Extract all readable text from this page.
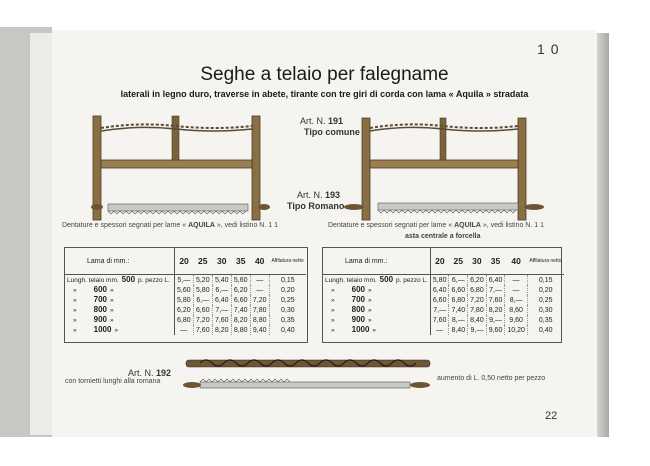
10
Seghe a telaio per falegname
laterali in legno duro, traverse in abete, tirante con tre giri di corda con lama « Aquila » stradata
Art. N. 191
Tipo comune
Art. N. 193
Tipo Romano
Dentature e spessori segnati per lame « AQUILA », vedi listino N. 1 1	Dentature e spessori segnati per lame « AQUILA », vedi listino N. 1 1
asta centrale a forcella
Lama di mm.:	20	25	30	35	40	Affilatura netto
Lungh. telaio mm. 500 p. pezzo L.	5,—	5,20	5,40	5,60	—	0,15
» 600 »	5,60	5,80	6,—	6,20	—	0,20
» 700 »	5,80	6,—	6,40	6,60	7,20	0,25
» 800 »	6,20	6,60	7,—	7,40	7,80	0,30
» 900 »	6,80	7,20	7,60	8,20	8,80	0,35
» 1000 »	—	7,60	8,20	8,80	9,40	0,40
Lama di mm.:	20	25	30	35	40	Affilatura netto
Lungh. telaio mm. 500 p. pezzo L.	5,80	6,—	6,20	6,40	—	0,15
» 600 »	6,40	6,60	6,80	7,—	—	0,20
» 700 »	6,60	6,80	7,20	7,60	8,—	0,25
» 800 »	7,—	7,40	7,80	8,20	8,60	0,30
» 900 »	7,60	8,—	8,40	9,—	9,60	0,35
» 1000 »	—	8,40	9,—	9,60	10,20	0,40
Art. N. 192
con tornietti lunghi alla romana	aumento di L. 0,50 netto per pezzo
22
